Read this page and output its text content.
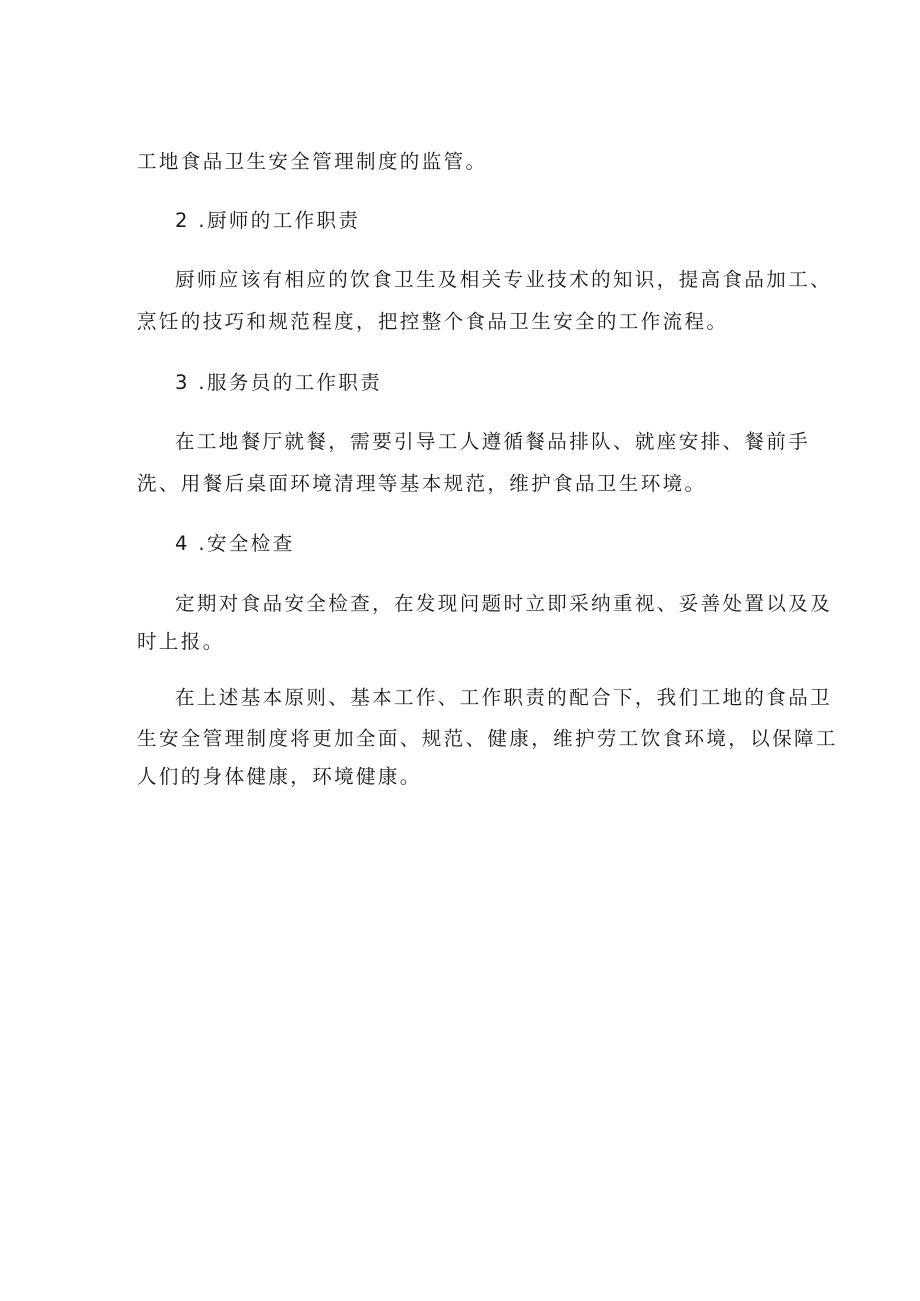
工地食品卫生安全管理制度的监管。
2 .厨师的工作职责
厨师应该有相应的饮食卫生及相关专业技术的知识，提高食品加工、
烹饪的技巧和规范程度，把控整个食品卫生安全的工作流程。
3 .服务员的工作职责
在工地餐厅就餐，需要引导工人遵循餐品排队、就座安排、餐前手
洗、用餐后桌面环境清理等基本规范，维护食品卫生环境。
4 .安全检查
定期对食品安全检查，在发现问题时立即采纳重视、妥善处置以及及
时上报。
在上述基本原则、基本工作、工作职责的配合下，我们工地的食品卫
生安全管理制度将更加全面、规范、健康，维护劳工饮食环境，以保障工
人们的身体健康，环境健康。
